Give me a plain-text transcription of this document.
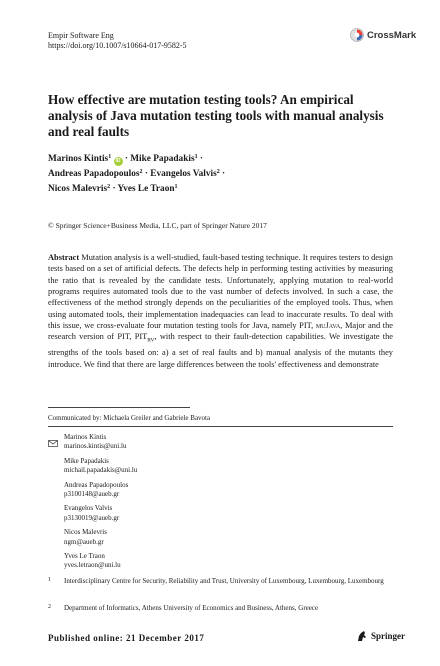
Empir Software Eng
https://doi.org/10.1007/s10664-017-9582-5
CrossMark
How effective are mutation testing tools? An empirical analysis of Java mutation testing tools with manual analysis and real faults
Marinos Kintis$^1$ iD · Mike Papadakis$^1$ ·
Andreas Papadopoulos$^2$ · Evangelos Valvis$^2$ ·
Nicos Malevris$^2$ · Yves Le Traon$^1$
© Springer Science+Business Media, LLC, part of Springer Nature 2017
Abstract Mutation analysis is a well-studied, fault-based testing technique. It requires testers to design tests based on a set of artificial defects. The defects help in performing testing activities by measuring the ratio that is revealed by the candidate tests. Unfortunately, applying mutation to real-world programs requires automated tools due to the vast number of defects involved. In such a case, the effectiveness of the method strongly depends on the peculiarities of the employed tools. Thus, when using automated tools, their implementation inadequacies can lead to inaccurate results. To deal with this issue, we cross-evaluate four mutation testing tools for Java, namely PIT, muJava, Major and the research version of PIT, $PIT_{RV}$, with respect to their fault-detection capabilities. We investigate the strengths of the tools based on: a) a set of real faults and b) manual analysis of the mutants they introduce. We find that there are large differences between the tools' effectiveness and demonstrate
Communicated by: Michaela Greiler and Gabriele Bavota
Marinos Kintis
marinos.kintis@uni.lu
Mike Papadakis
michail.papadakis@uni.lu
Andreas Papadopoulos
p3100148@aueb.gr
Evangelos Valvis
p3130019@aueb.gr
Nicos Malevris
ngm@aueb.gr
Yves Le Traon
yves.letraon@uni.lu
1 Interdisciplinary Centre for Security, Reliability and Trust, University of Luxembourg, Luxembourg, Luxembourg
2 Department of Informatics, Athens University of Economics and Business, Athens, Greece
Published online: 21 December 2017	Springer
